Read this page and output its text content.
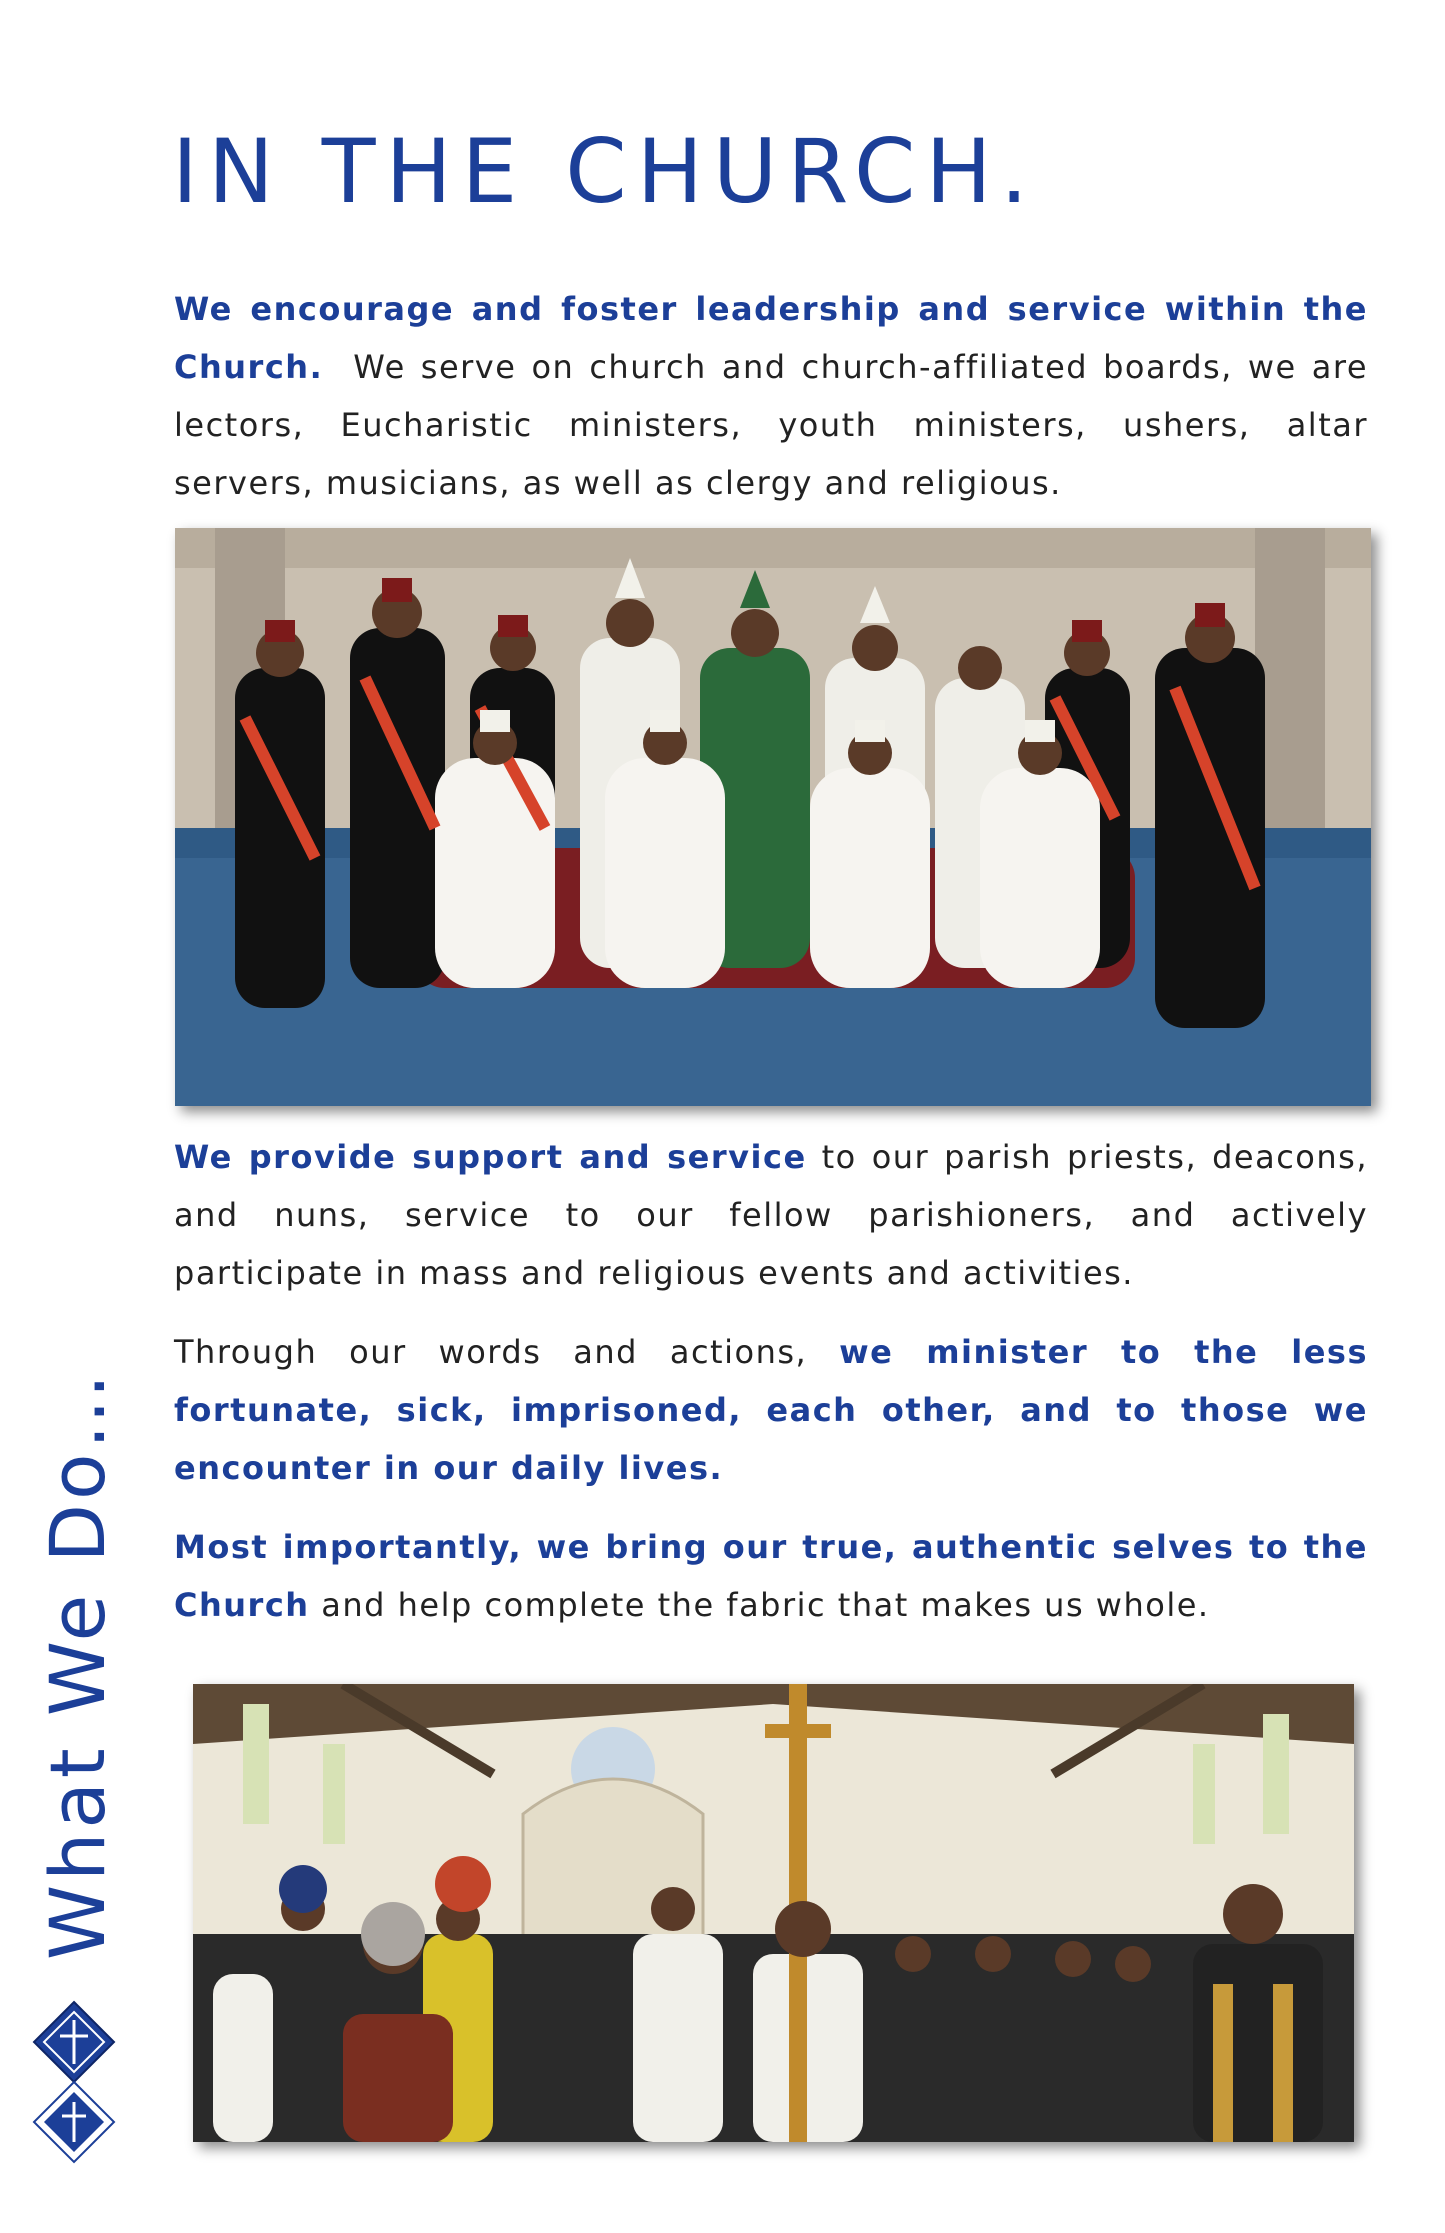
IN THE CHURCH.

We encourage and foster leadership and service within the Church. We serve on church and church-affiliated boards, we are lectors, Eucharistic ministers, youth ministers, ushers, altar servers, musicians, as well as clergy and religious.

We provide support and service to our parish priests, deacons, and nuns, service to our fellow parishioners, and actively participate in mass and religious events and activities.

Through our words and actions, we minister to the less fortunate, sick, imprisoned, each other, and to those we encounter in our daily lives.

Most importantly, we bring our true, authentic selves to the Church and help complete the fabric that makes us whole.

What We Do…
